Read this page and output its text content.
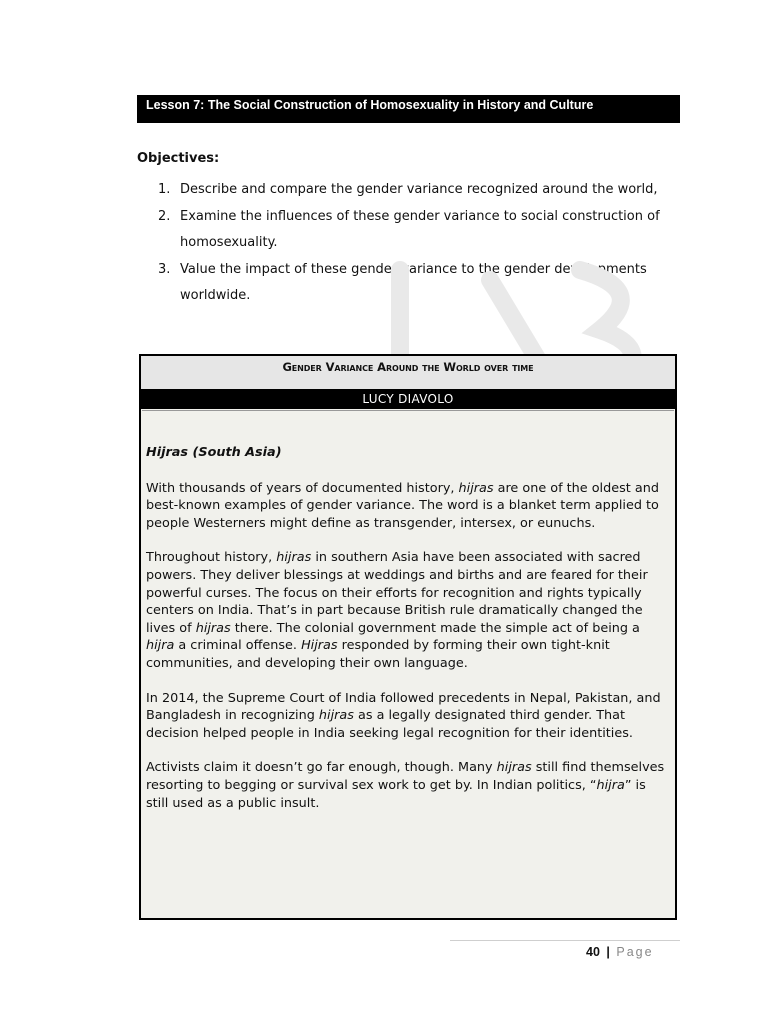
Lesson 7: The Social Construction of Homosexuality in History and Culture
Objectives:
1. Describe and compare the gender variance recognized around the world,
2. Examine the influences of these gender variance to social construction of homosexuality.
3. Value the impact of these gender variance to the gender developments worldwide.
Gender Variance Around the World over time
LUCY DIAVOLO

Hijras (South Asia)

With thousands of years of documented history, hijras are one of the oldest and best-known examples of gender variance. The word is a blanket term applied to people Westerners might define as transgender, intersex, or eunuchs.

Throughout history, hijras in southern Asia have been associated with sacred powers. They deliver blessings at weddings and births and are feared for their powerful curses. The focus on their efforts for recognition and rights typically centers on India. That’s in part because British rule dramatically changed the lives of hijras there. The colonial government made the simple act of being a hijra a criminal offense. Hijras responded by forming their own tight-knit communities, and developing their own language.

In 2014, the Supreme Court of India followed precedents in Nepal, Pakistan, and Bangladesh in recognizing hijras as a legally designated third gender. That decision helped people in India seeking legal recognition for their identities.

Activists claim it doesn’t go far enough, though. Many hijras still find themselves resorting to begging or survival sex work to get by. In Indian politics, “hijra” is still used as a public insult.

40 | Page
